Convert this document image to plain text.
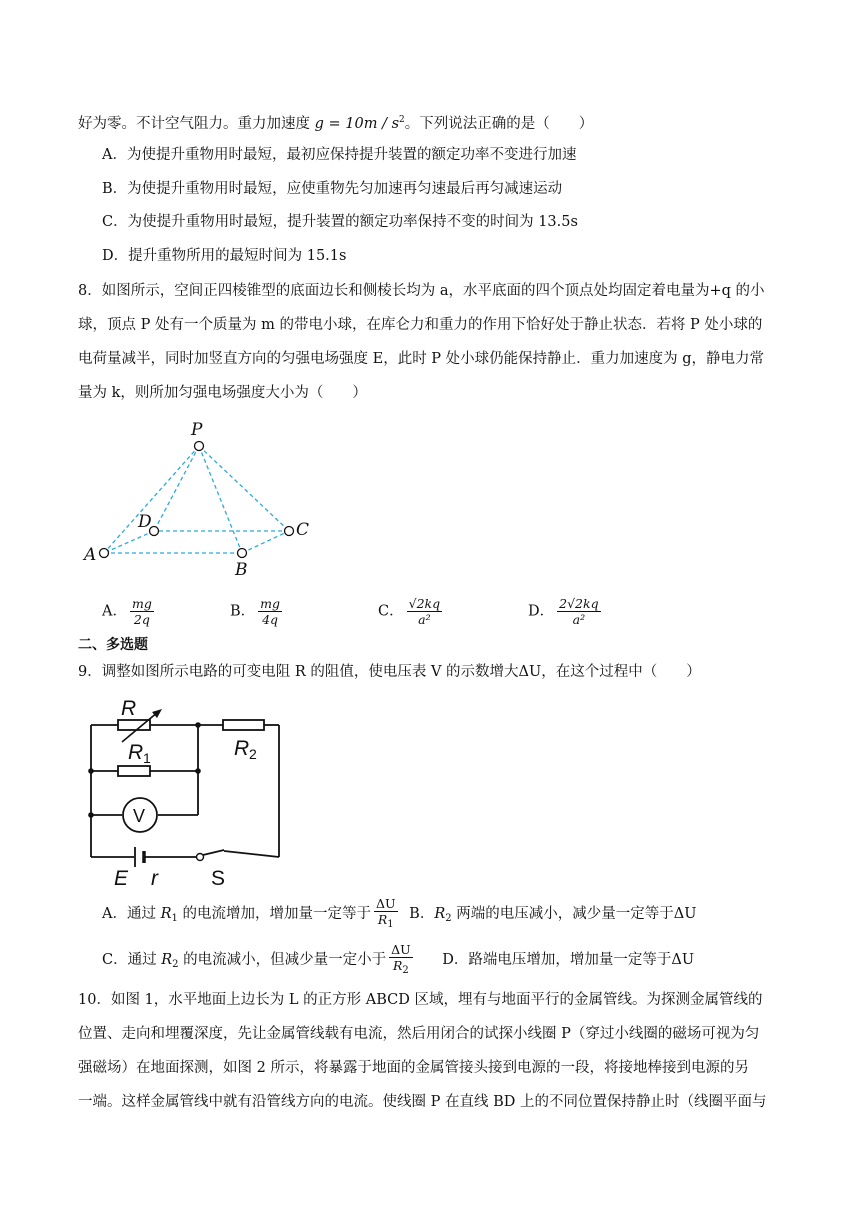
好为零。不计空气阻力。重力加速度 $g = 10m / s^2$。下列说法正确的是（　　）
A．为使提升重物用时最短，最初应保持提升装置的额定功率不变进行加速
B．为使提升重物用时最短，应使重物先匀加速再匀速最后再匀减速运动
C．为使提升重物用时最短，提升装置的额定功率保持不变的时间为 13.5s
D．提升重物所用的最短时间为 15.1s
8．如图所示，空间正四棱锥型的底面边长和侧棱长均为 a，水平底面的四个顶点处均固定着电量为+q 的小
球，顶点 P 处有一个质量为 m 的带电小球，在库仑力和重力的作用下恰好处于静止状态．若将 P 处小球的
电荷量减半，同时加竖直方向的匀强电场强度 E，此时 P 处小球仍能保持静止．重力加速度为 g，静电力常
量为 k，则所加匀强电场强度大小为（　　）
P
A
B
C
D
A． $\frac{mg}{2q}$	B． $\frac{mg}{4q}$	C． $\frac{√2kq}{\text{a²}}$	D． $\frac{2√2kq}{\text{a²}}$
二、多选题
9．调整如图所示电路的可变电阻 R 的阻值，使电压表 V 的示数增大ΔU，在这个过程中（　　）
R
R 1	R 2
V
E r	S
A．通过 $R_1$ 的电流增加，增加量一定等于 $\frac{\Delta U}{R_1}$ B．$R_2$ 两端的电压减小，减少量一定等于ΔU
C．通过 $R_2$ 的电流减小，但减少量一定小于 $\frac{\Delta U}{R_2}$ D．路端电压增加，增加量一定等于ΔU
10．如图 1，水平地面上边长为 L 的正方形 ABCD 区域，埋有与地面平行的金属管线。为探测金属管线的
位置、走向和埋覆深度，先让金属管线载有电流，然后用闭合的试探小线圈 P（穿过小线圈的磁场可视为匀
强磁场）在地面探测，如图 2 所示，将暴露于地面的金属管接头接到电源的一段，将接地棒接到电源的另
一端。这样金属管线中就有沿管线方向的电流。使线圈 P 在直线 BD 上的不同位置保持静止时（线圈平面与
